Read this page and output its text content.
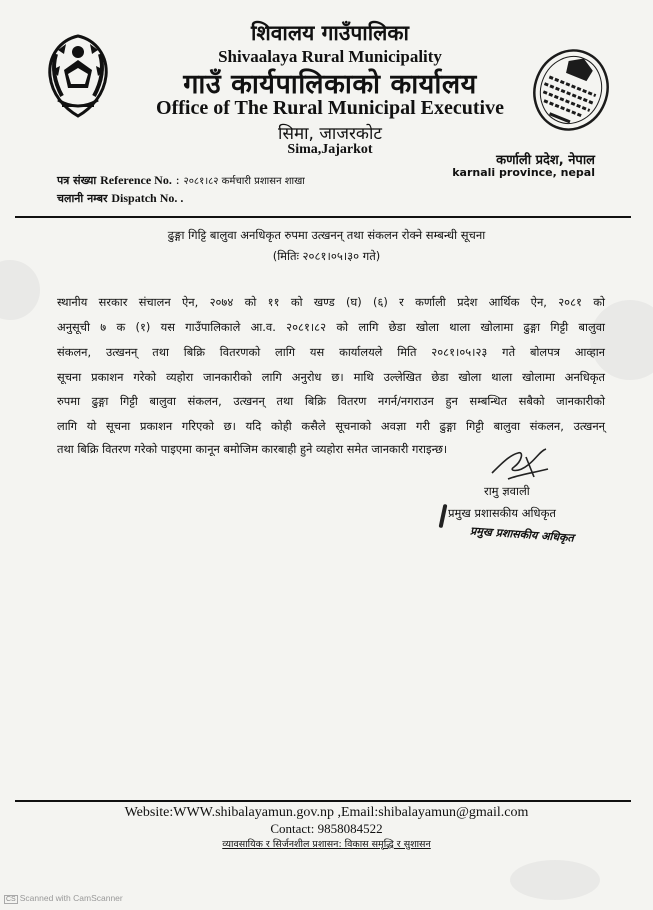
शिवालय गाउँपालिका
Shivaalaya Rural Municipality
गाउँ कार्यपालिकाको कार्यालय
Office of The Rural Municipal Executive
सिमा, जाजरकोट
Sima,Jajarkot
कर्णाली प्रदेश, नेपाल
karnali province, nepal
पत्र संख्या Reference No. : २०८१।८२ कर्मचारी प्रशासन शाखा
चलानी नम्बर Dispatch No. .
ढुङ्गा गिट्टि बालुवा अनधिकृत रुपमा उत्खनन् तथा संकलन रोक्ने सम्बन्धी सूचना
(मितिः २०८१।०५।३० गते)
स्थानीय सरकार संचालन ऐन, २०७४ को ११ को खण्ड (घ) (६) र कर्णाली प्रदेश आर्थिक ऐन, २०८१ को
अनुसूची ७ क (१) यस गाउँपालिकाले आ.व. २०८१।८२ को लागि छेडा खोला थाला खोलामा ढुङ्गा गिट्टी बालुवा
संकलन, उत्खनन् तथा बिक्रि वितरणको लागि यस कार्यालयले मिति २०८१।०५।२३ गते बोलपत्र आव्हान
सूचना प्रकाशन गरेको व्यहोरा जानकारीको लागि अनुरोध छ। माथि उल्लेखित छेडा खोला थाला खोलामा अनधिकृत
रुपमा ढुङ्गा गिट्टी बालुवा संकलन, उत्खनन् तथा बिक्रि वितरण नगर्न/नगराउन हुन सम्बन्धित सबैको जानकारीको
लागि यो सूचना प्रकाशन गरिएको छ। यदि कोही कसैले सूचनाको अवज्ञा गरी ढुङ्गा गिट्टी बालुवा संकलन, उत्खनन्
तथा बिक्रि वितरण गरेको पाइएमा कानून बमोजिम कारबाही हुने व्यहोरा समेत जानकारी गराइन्छ।
रामु ज्ञवाली
प्रमुख प्रशासकीय अधिकृत
प्रमुख प्रशासकीय अधिकृत
Website:WWW.shibalayamun.gov.np ,Email:shibalayamun@gmail.com
Contact: 9858084522
व्यावसायिक र सिर्जनशील प्रशासन: विकास समृद्धि र सुशासन
CS Scanned with CamScanner
